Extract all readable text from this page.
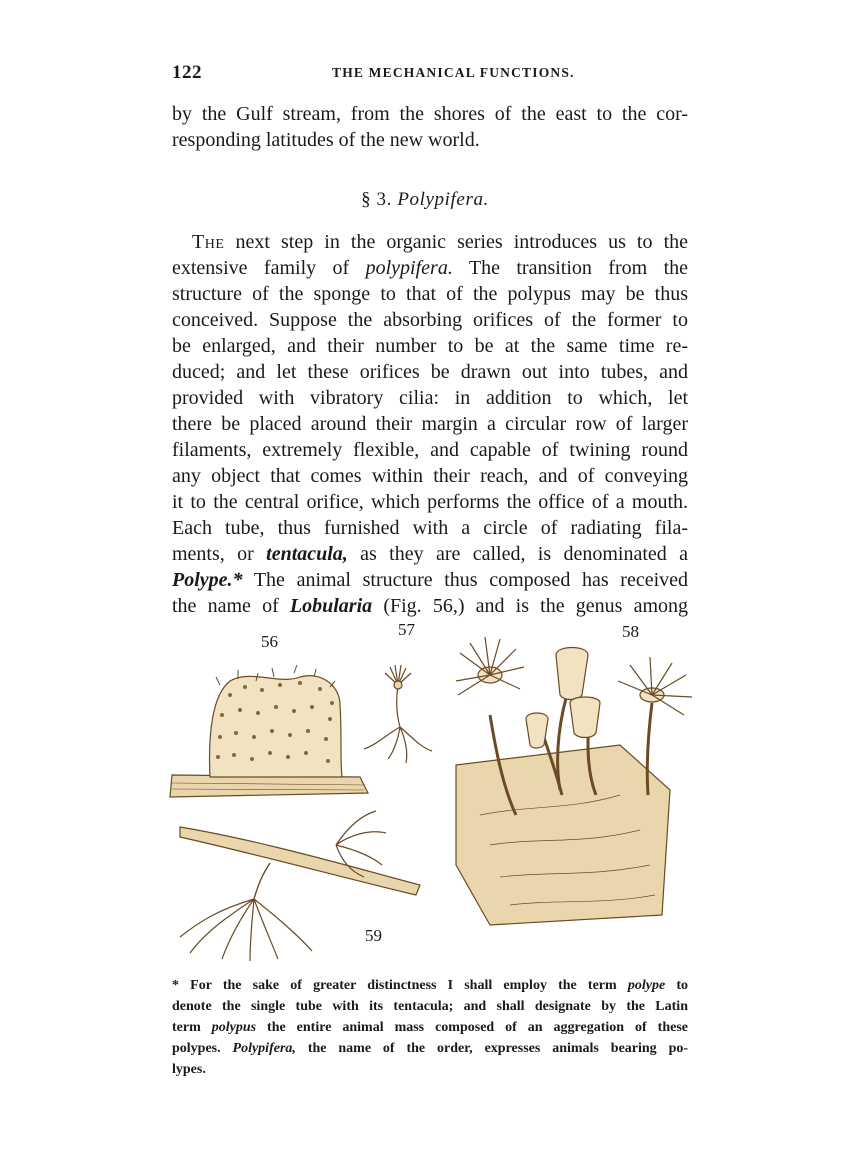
122	THE MECHANICAL FUNCTIONS.
by the Gulf stream, from the shores of the east to the cor-
responding latitudes of the new world.
§ 3. Polypifera.
The next step in the organic series introduces us to the
extensive family of polypifera. The transition from the
structure of the sponge to that of the polypus may be thus
conceived. Suppose the absorbing orifices of the former to
be enlarged, and their number to be at the same time re-
duced; and let these orifices be drawn out into tubes, and
provided with vibratory cilia: in addition to which, let
there be placed around their margin a circular row of larger
filaments, extremely flexible, and capable of twining round
any object that comes within their reach, and of conveying
it to the central orifice, which performs the office of a mouth.
Each tube, thus furnished with a circle of radiating fila-
ments, or tentacula, as they are called, is denominated a
Polype.* The animal structure thus composed has received
the name of Lobularia (Fig. 56,) and is the genus among
56
57	58
59
* For the sake of greater distinctness I shall employ the term polype to
denote the single tube with its tentacula; and shall designate by the Latin
term polypus the entire animal mass composed of an aggregation of these
polypes. Polypifera, the name of the order, expresses animals bearing po-
lypes.
